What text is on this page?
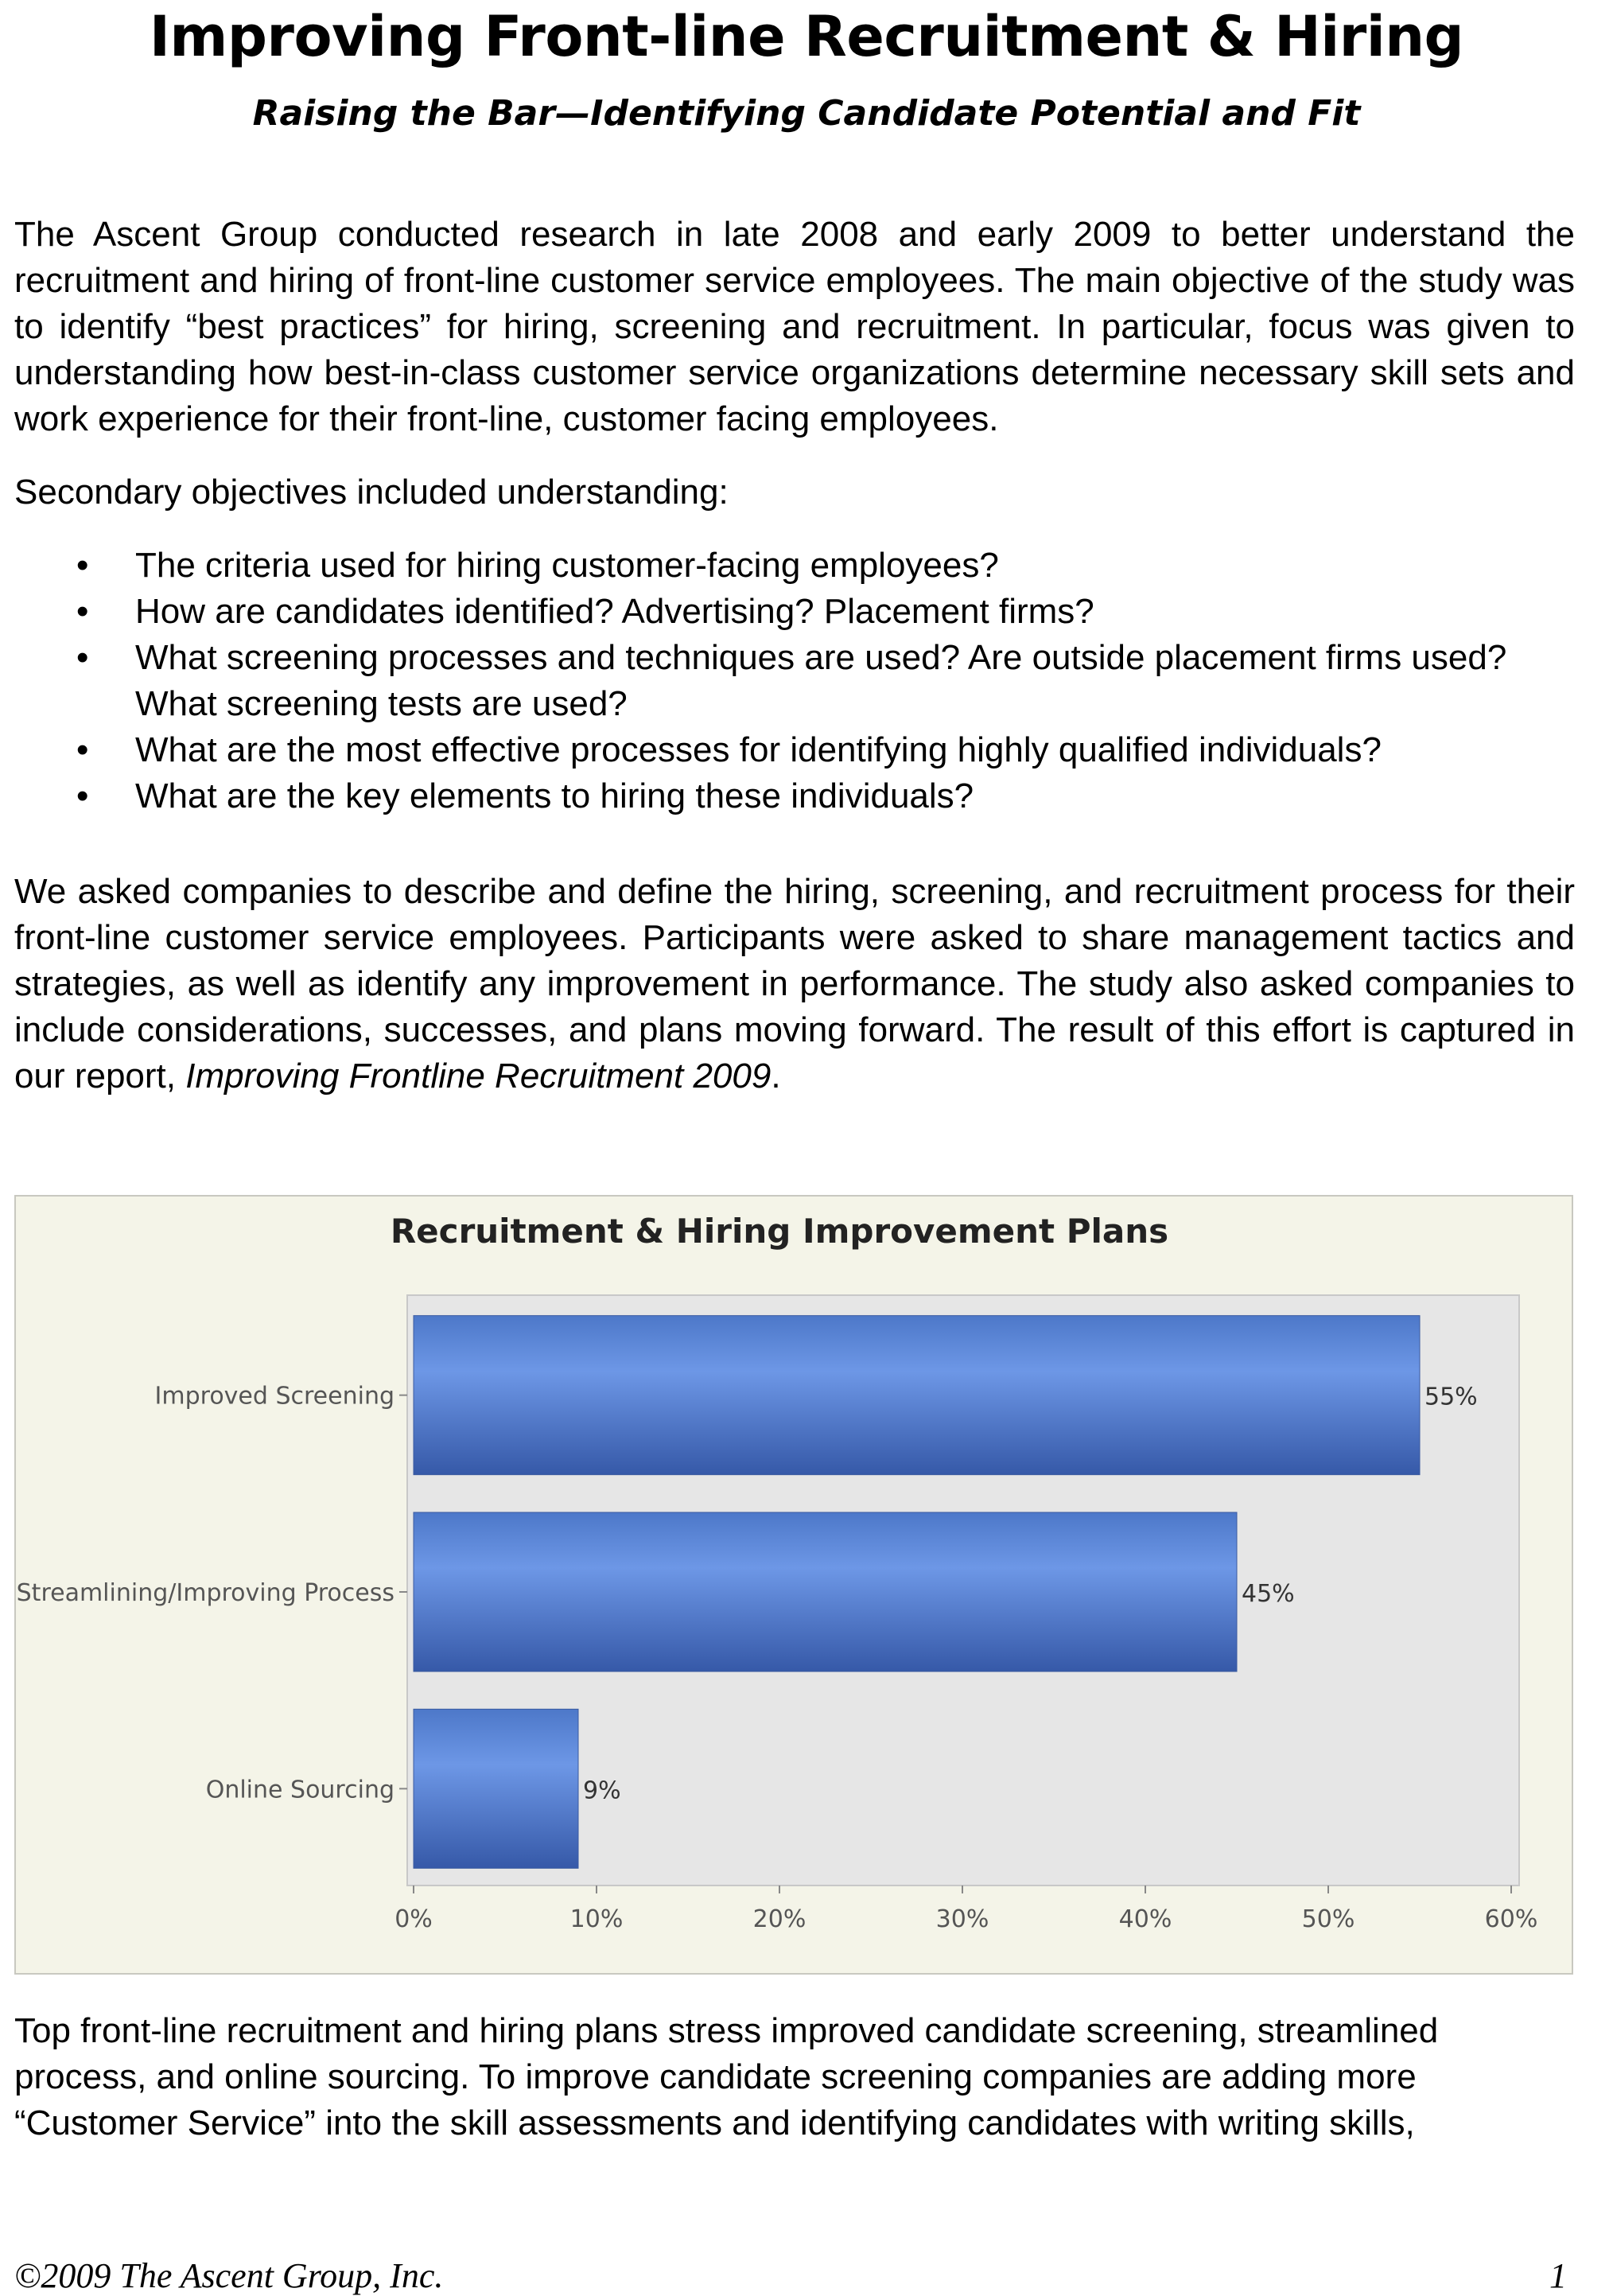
Improving Front-line Recruitment & Hiring
Raising the Bar—Identifying Candidate Potential and Fit
The Ascent Group conducted research in late 2008 and early 2009 to better understand the recruitment and hiring of front-line customer service employees. The main objective of the study was to identify “best practices” for hiring, screening and recruitment. In particular, focus was given to understanding how best-in-class customer service organizations determine necessary skill sets and work experience for their front-line, customer facing employees.
Secondary objectives included understanding:
• The criteria used for hiring customer-facing employees?
• How are candidates identified? Advertising? Placement firms?
• What screening processes and techniques are used? Are outside placement firms used? What screening tests are used?
• What are the most effective processes for identifying highly qualified individuals?
• What are the key elements to hiring these individuals?
We asked companies to describe and define the hiring, screening, and recruitment process for their front-line customer service employees. Participants were asked to share management tactics and strategies, as well as identify any improvement in performance. The study also asked companies to include considerations, successes, and plans moving forward. The result of this effort is captured in our report, Improving Frontline Recruitment 2009.
Recruitment & Hiring Improvement Plans
55%
Improved Screening
45%
Streamlining/Improving Process
9%
Online Sourcing
0%	10%	20%	30%	40%	50%	60%
Top front-line recruitment and hiring plans stress improved candidate screening, streamlined process, and online sourcing. To improve candidate screening companies are adding more “Customer Service” into the skill assessments and identifying candidates with writing skills,
©2009 The Ascent Group, Inc.	1
